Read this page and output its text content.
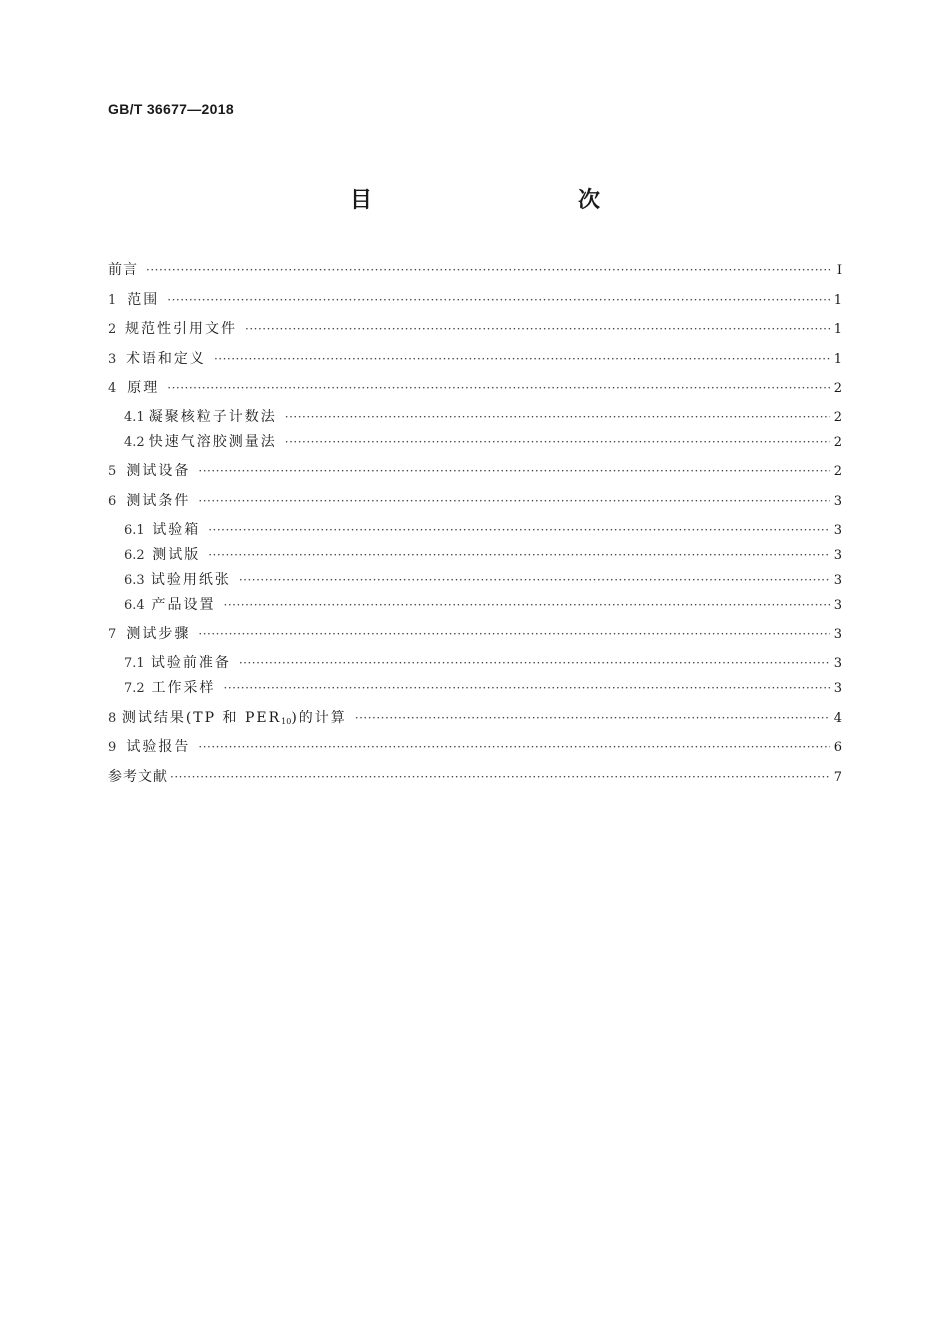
GB/T 36677—2018
目　　次
前言 ·····	Ⅰ
1 范围 ·····	1
2 规范性引用文件 ·····	1
3 术语和定义 ·····	1
4 原理 ·····	2
4.1 凝聚核粒子计数法 ·····	2
4.2 快速气溶胶测量法 ·····	2
5 测试设备 ·····	2
6 测试条件 ·····	3
6.1 试验箱 ·····	3
6.2 测试版 ·····	3
6.3 试验用纸张 ·····	3
6.4 产品设置 ·····	3
7 测试步骤 ·····	3
7.1 试验前准备 ·····	3
7.2 工作采样 ·····	3
8 测试结果(TP 和 $PER_{10}$)的计算 ·····	4
9 试验报告 ·····	6
参考文献 ·····	7
